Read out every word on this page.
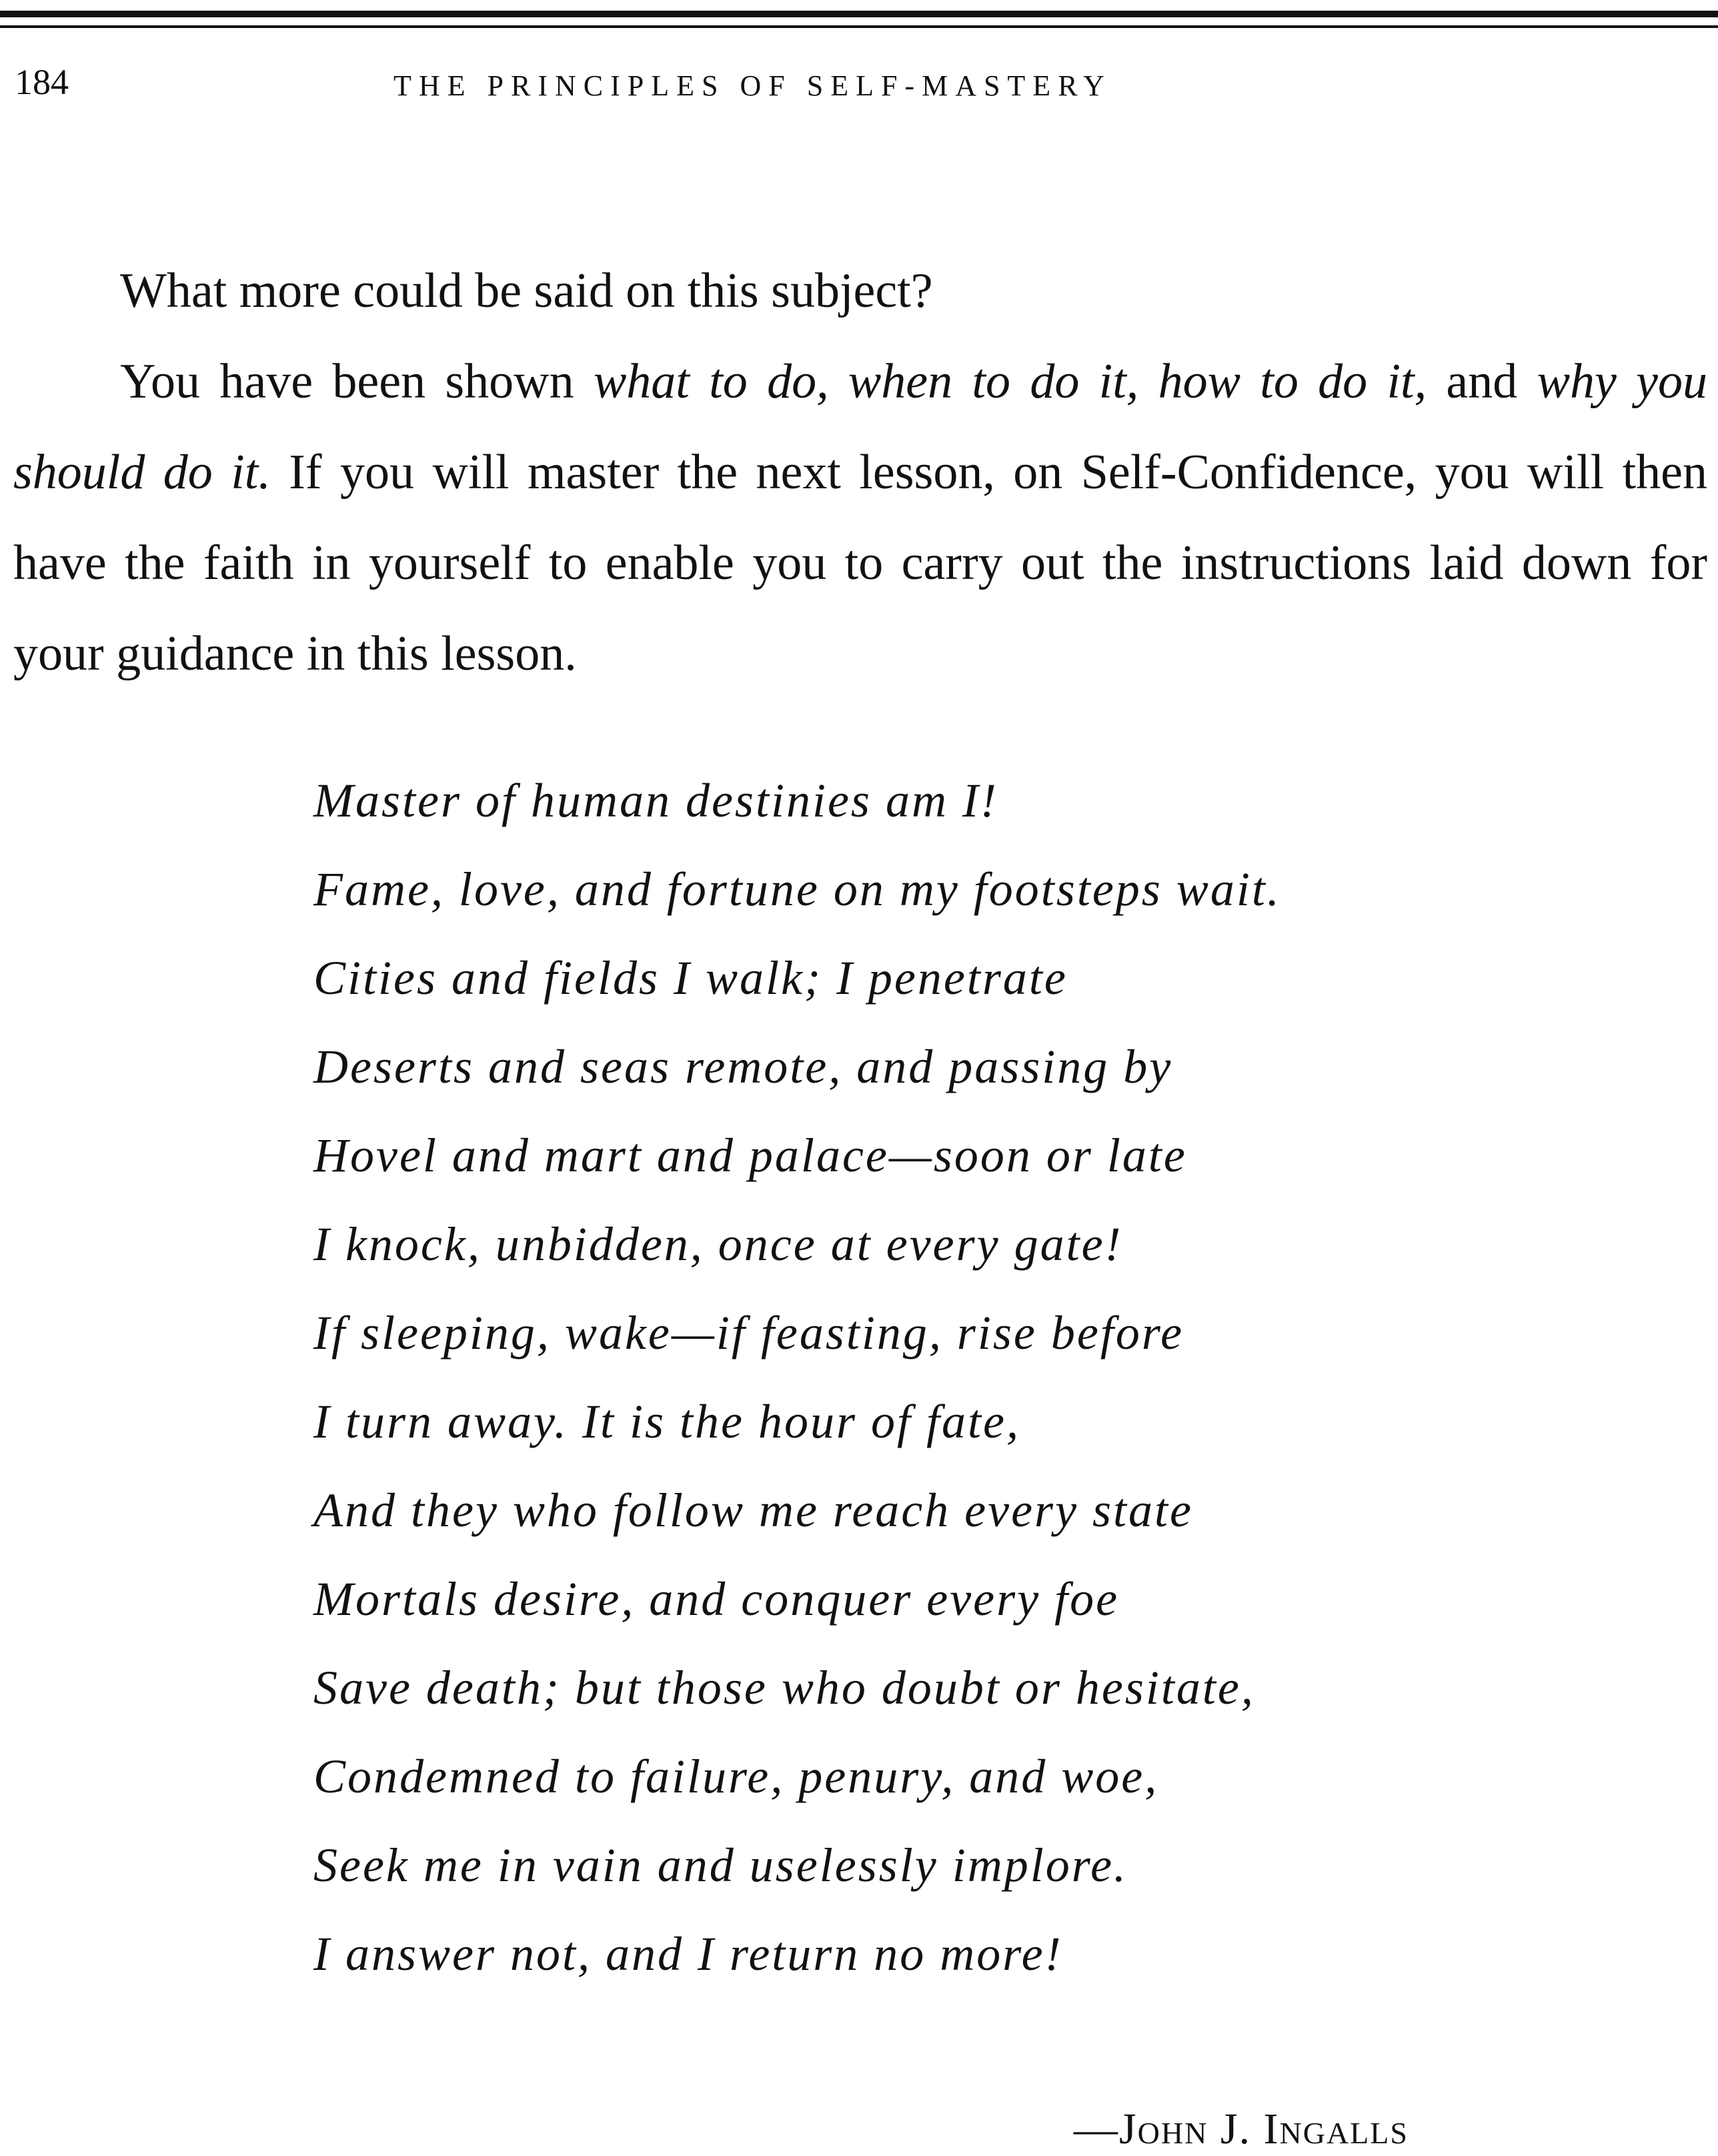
184	THE PRINCIPLES OF SELF-MASTERY

What more could be said on this subject?

You have been shown what to do, when to do it, how to do it, and why you should do it. If you will master the next lesson, on Self-Confidence, you will then have the faith in yourself to enable you to carry out the instructions laid down for your guidance in this lesson.

Master of human destinies am I!
Fame, love, and fortune on my footsteps wait.
Cities and fields I walk; I penetrate
Deserts and seas remote, and passing by
Hovel and mart and palace—soon or late
I knock, unbidden, once at every gate!
If sleeping, wake—if feasting, rise before
I turn away. It is the hour of fate,
And they who follow me reach every state
Mortals desire, and conquer every foe
Save death; but those who doubt or hesitate,
Condemned to failure, penury, and woe,
Seek me in vain and uselessly implore.
I answer not, and I return no more!
—John J. Ingalls
